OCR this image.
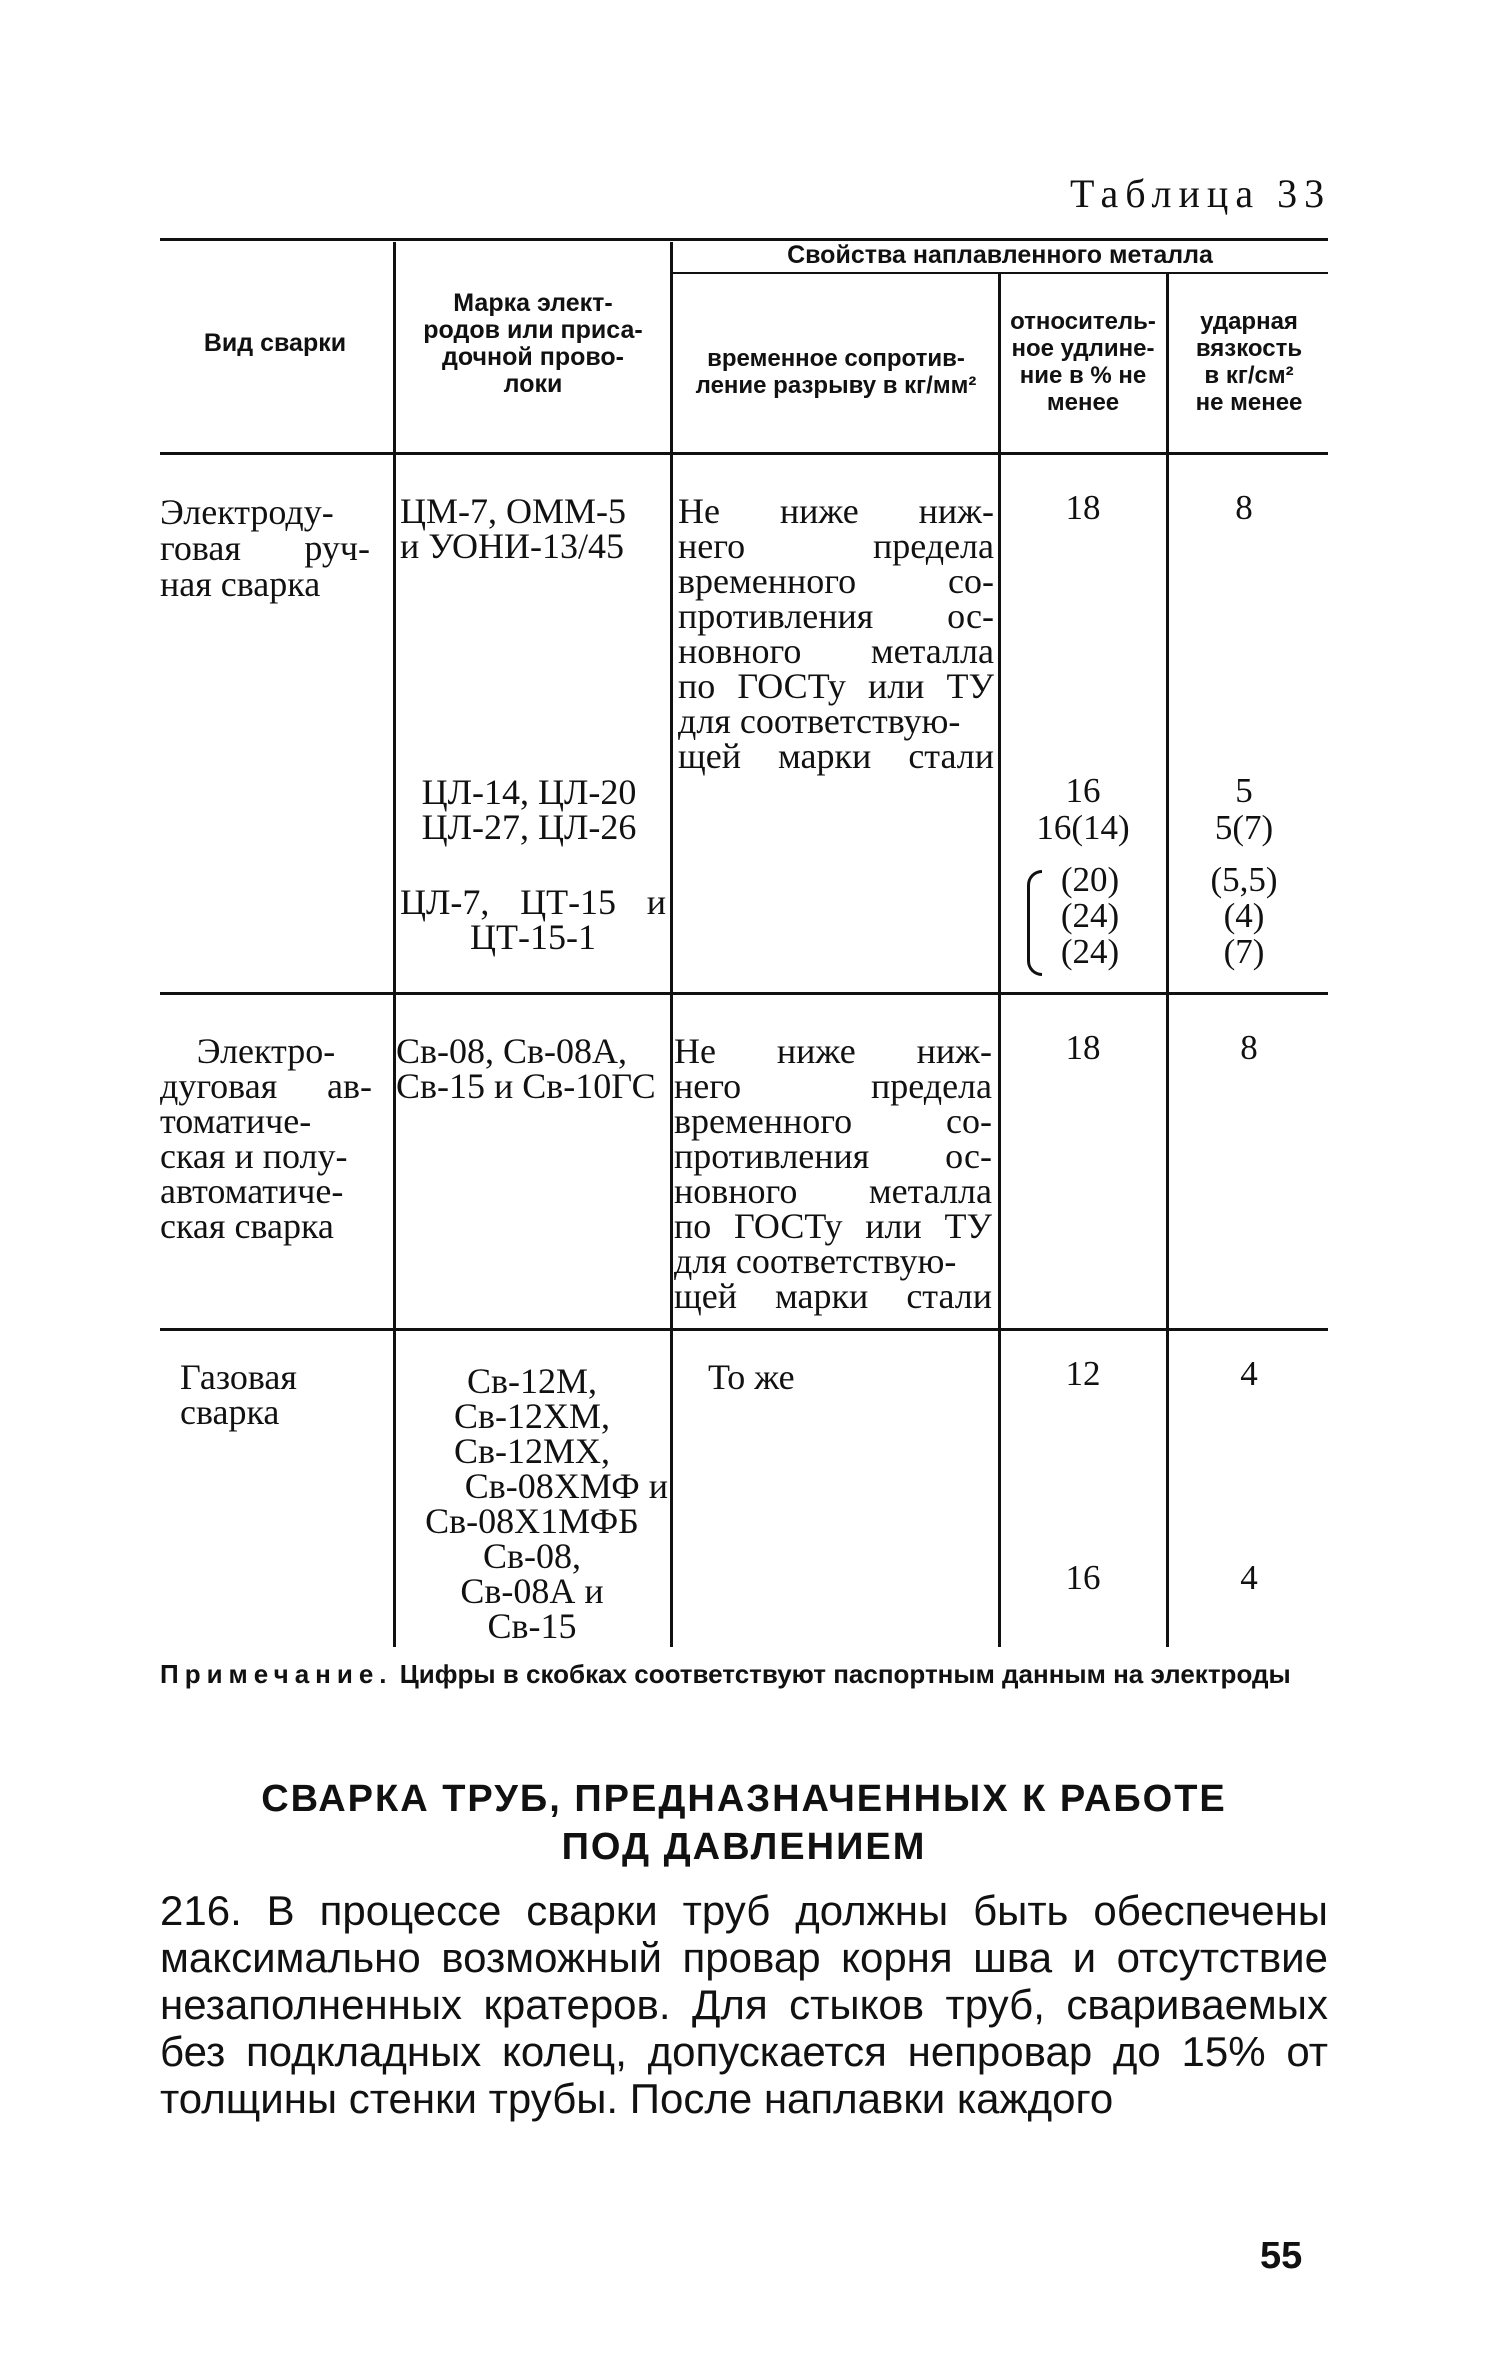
Таблица 33
Вид сварки
Марка элект-
родов или приса-
дочной прово-
локи
Свойства наплавленного металла
временное сопротив-
ление разрыву в кг/мм²
относитель-
ное удлине-
ние в % не
менее
ударная
вязкость
в кг/см²
не менее
Электроду-
говая руч-
ная сварка
ЦМ-7, ОММ-5
и УОНИ-13/45
ЦЛ-14, ЦЛ-20
ЦЛ-27, ЦЛ-26
ЦЛ-7, ЦТ-15 и
ЦТ-15-1
Не ниже ниж-
него предела
временного со-
противления ос-
новного металла
по ГОСТу или ТУ
для соответствую-
щей марки стали
18
16
16(14)
(20)
(24)
(24)
8
5
5(7)
(5,5)
(4)
(7)
Электро-
дуговая ав-
томатиче-
ская и полу-
автоматиче-
ская сварка
Св-08, Св-08А,
Св-15 и Св-10ГС
Не ниже ниж-
него предела
временного со-
противления ос-
новного металла
по ГОСТу или ТУ
для соответствую-
щей марки стали
18	8
Газовая
сварка
Св-12М,
Св-12ХМ,
Св-12МХ,
Св-08ХМФ и
Св-08Х1МФБ
Св-08,
Св-08А и
Св-15
То же	12
16
4
4
Примечание. Цифры в скобках соответствуют паспортным данным на электроды
СВАРКА ТРУБ, ПРЕДНАЗНАЧЕННЫХ К РАБОТЕ
ПОД ДАВЛЕНИЕМ
216. В процессе сварки труб должны быть обеспечены максимально возможный провар корня шва и отсутствие незаполненных кратеров. Для стыков труб, свариваемых без подкладных колец, допускается непровар до 15% от толщины стенки трубы. После наплавки каждого
55
